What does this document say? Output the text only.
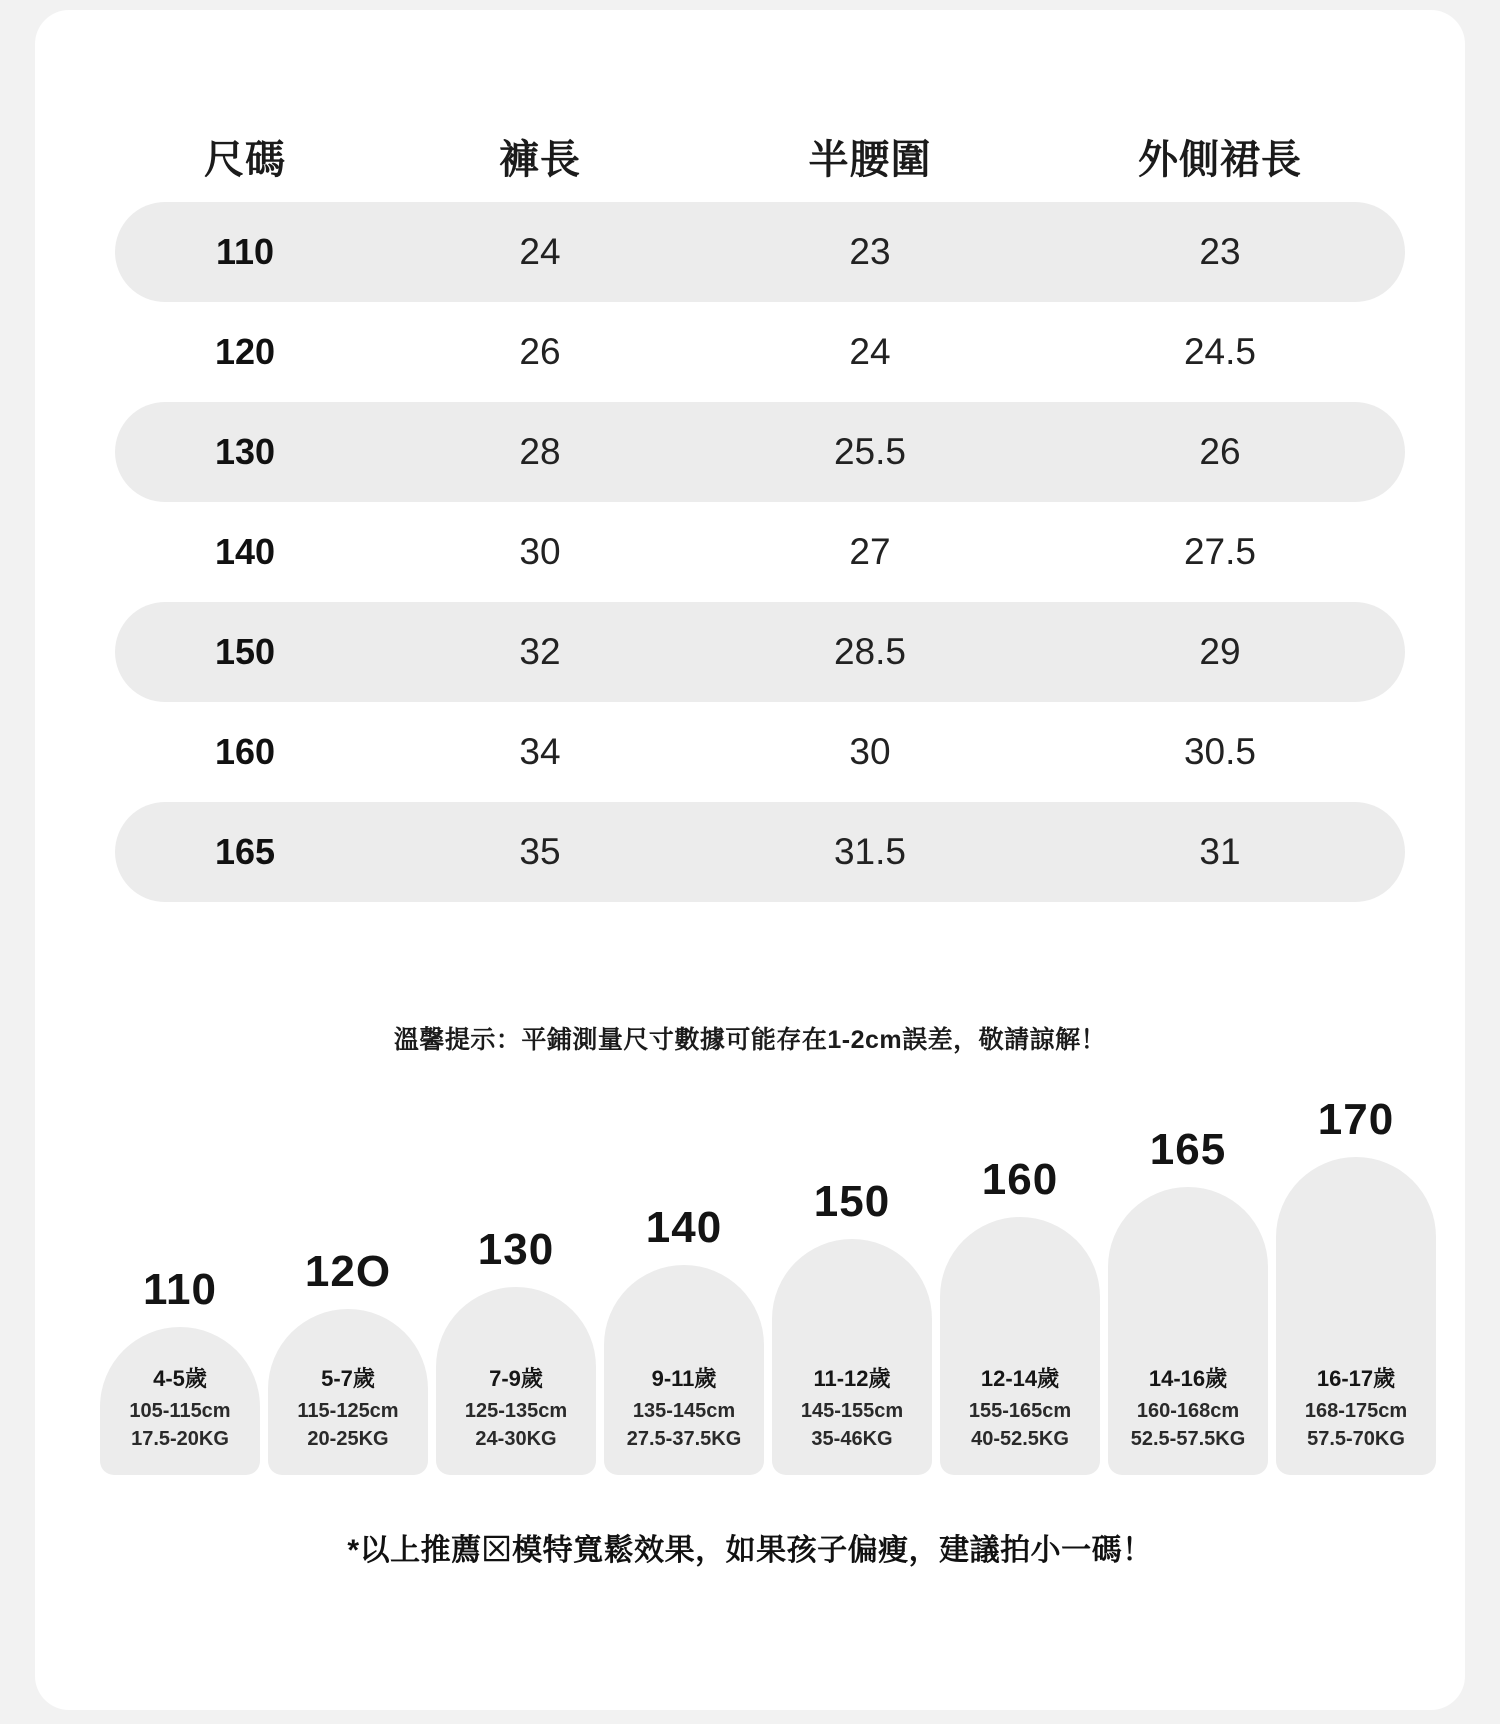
尺碼	褲長	半腰圍	外側裙長
110	24	23	23
120	26	24	24.5
130	28	25.5	26
140	30	27	27.5
150	32	28.5	29
160	34	30	30.5
165	35	31.5	31
溫馨提示：平鋪測量尺寸數據可能存在1-2cm誤差，敬請諒解！
110
4-5歲
105-115cm
17.5-20KG
12O
5-7歲
115-125cm
20-25KG
130
7-9歲
125-135cm
24-30KG
140
9-11歲
135-145cm
27.5-37.5KG
150
11-12歲
145-155cm
35-46KG
160
12-14歲
155-165cm
40-52.5KG
165
14-16歲
160-168cm
52.5-57.5KG
170
16-17歲
168-175cm
57.5-70KG
*以上推薦⊠模特寬鬆效果，如果孩子偏瘦，建議拍小一碼！
